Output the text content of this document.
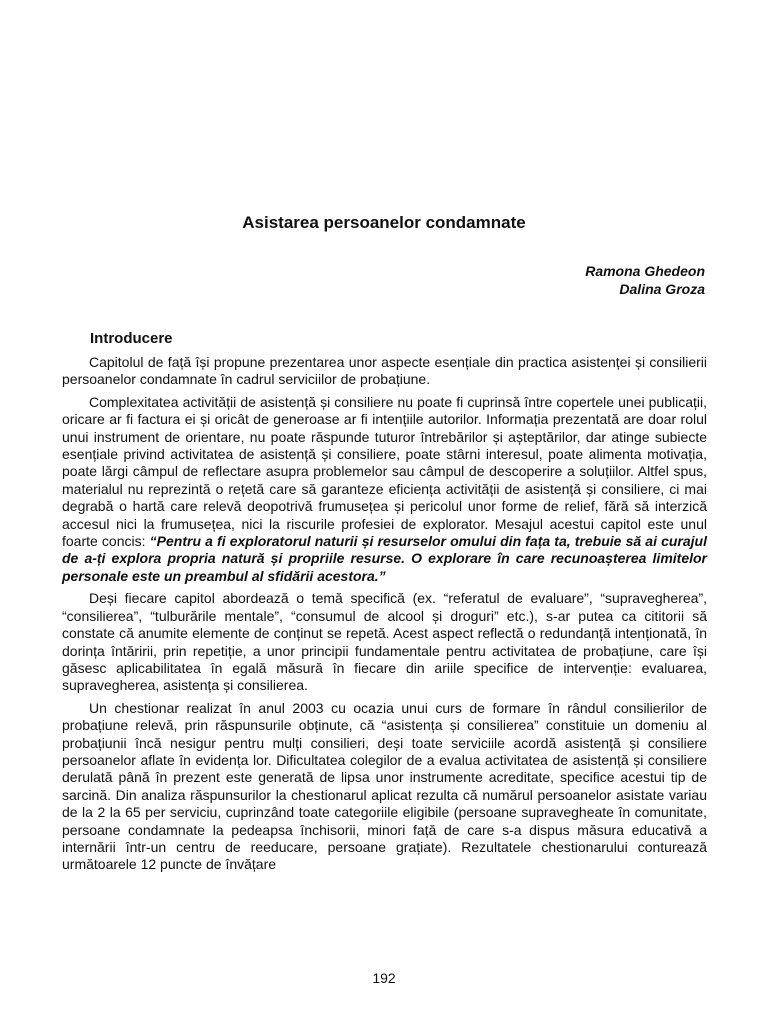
Asistarea persoanelor condamnate
Ramona Ghedeon
Dalina Groza
Introducere

Capitolul de față își propune prezentarea unor aspecte esențiale din practica asistenței și consilierii persoanelor condamnate în cadrul serviciilor de probațiune.

Complexitatea activității de asistență și consiliere nu poate fi cuprinsă între copertele unei publicații, oricare ar fi factura ei și oricât de generoase ar fi intențiile autorilor. Informația prezentată are doar rolul unui instrument de orientare, nu poate răspunde tuturor întrebărilor și așteptărilor, dar atinge subiecte esențiale privind activitatea de asistență și consiliere, poate stârni interesul, poate alimenta motivația, poate lărgi câmpul de reflectare asupra problemelor sau câmpul de descoperire a soluțiilor. Altfel spus, materialul nu reprezintă o rețetă care să garanteze eficiența activității de asistență și consiliere, ci mai degrabă o hartă care relevă deopotrivă frumusețea și pericolul unor forme de relief, fără să interzică accesul nici la frumusețea, nici la riscurile profesiei de explorator. Mesajul acestui capitol este unul foarte concis: “Pentru a fi exploratorul naturii și resurselor omului din fața ta, trebuie să ai curajul de a-ți explora propria natură și propriile resurse. O explorare în care recunoașterea limitelor personale este un preambul al sfidării acestora.”

Deși fiecare capitol abordează o temă specifică (ex. “referatul de evaluare”, “supravegherea”, “consilierea”, “tulburările mentale”, “consumul de alcool și droguri” etc.), s-ar putea ca cititorii să constate că anumite elemente de conținut se repetă. Acest aspect reflectă o redundanță intenționată, în dorința întăririi, prin repetiție, a unor principii fundamentale pentru activitatea de probațiune, care își găsesc aplicabilitatea în egală măsură în fiecare din ariile specifice de intervenție: evaluarea, supravegherea, asistența și consilierea.

Un chestionar realizat în anul 2003 cu ocazia unui curs de formare în rândul consilierilor de probațiune relevă, prin răspunsurile obținute, că “asistența și consilierea” constituie un domeniu al probațiunii încă nesigur pentru mulți consilieri, deși toate serviciile acordă asistență și consiliere persoanelor aflate în evidența lor. Dificultatea colegilor de a evalua activitatea de asistență și consiliere derulată până în prezent este generată de lipsa unor instrumente acreditate, specifice acestui tip de sarcină. Din analiza răspunsurilor la chestionarul aplicat rezulta că numărul persoanelor asistate variau de la 2 la 65 per serviciu, cuprinzând toate categoriile eligibile (persoane supravegheate în comunitate, persoane condamnate la pedeapsa închisorii, minori față de care s-a dispus măsura educativă a internării într-un centru de reeducare, persoane grațiate). Rezultatele chestionarului conturează următoarele 12 puncte de învățare

192
